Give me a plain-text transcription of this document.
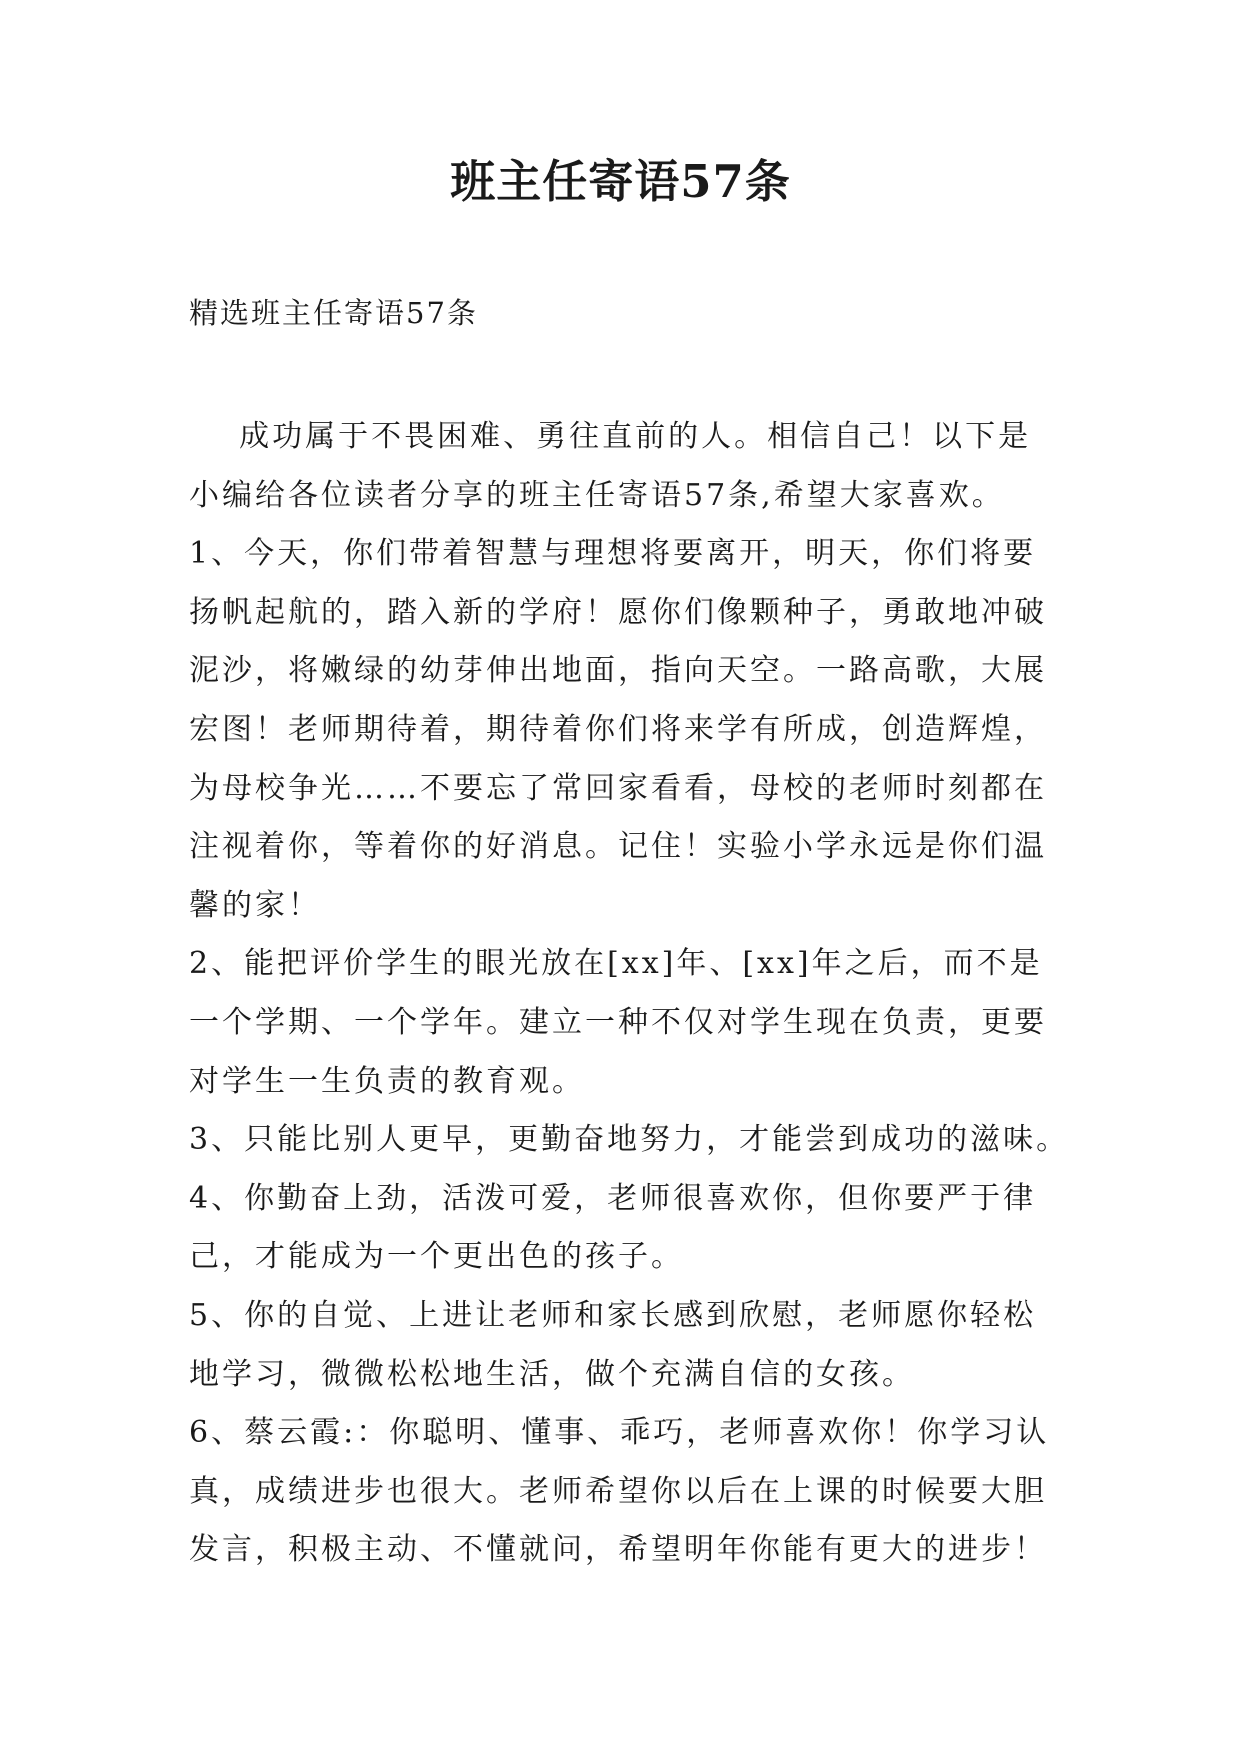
班主任寄语57条
精选班主任寄语57条
成功属于不畏困难、勇往直前的人。相信自己！以下是
小编给各位读者分享的班主任寄语57条,希望大家喜欢。
1、今天，你们带着智慧与理想将要离开，明天，你们将要
扬帆起航的，踏入新的学府！愿你们像颗种子，勇敢地冲破
泥沙，将嫩绿的幼芽伸出地面，指向天空。一路高歌，大展
宏图！老师期待着，期待着你们将来学有所成，创造辉煌，
为母校争光……不要忘了常回家看看，母校的老师时刻都在
注视着你，等着你的好消息。记住！实验小学永远是你们温
馨的家！
2、能把评价学生的眼光放在[xx]年、[xx]年之后，而不是
一个学期、一个学年。建立一种不仅对学生现在负责，更要
对学生一生负责的教育观。
3、只能比别人更早，更勤奋地努力，才能尝到成功的滋味。
4、你勤奋上劲，活泼可爱，老师很喜欢你，但你要严于律
己，才能成为一个更出色的孩子。
5、你的自觉、上进让老师和家长感到欣慰，老师愿你轻松
地学习，微微松松地生活，做个充满自信的女孩。
6、蔡云霞:：你聪明、懂事、乖巧，老师喜欢你！你学习认
真，成绩进步也很大。老师希望你以后在上课的时候要大胆
发言，积极主动、不懂就问，希望明年你能有更大的进步！
